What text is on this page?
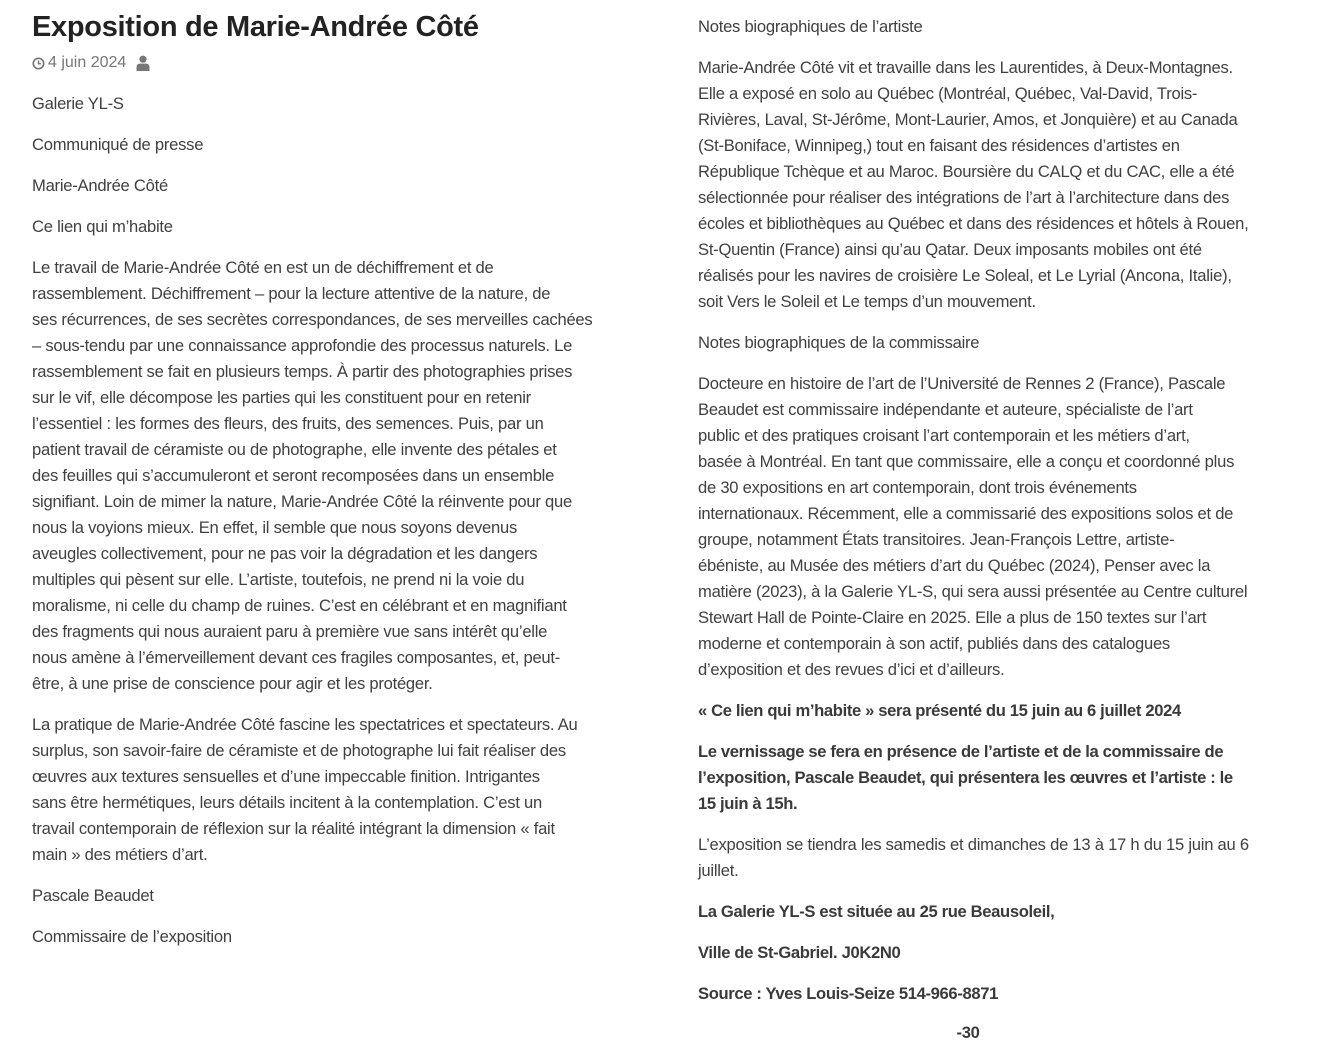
Exposition de Marie-Andrée Côté
4 juin 2024

Galerie YL-S

Communiqué de presse

Marie-Andrée Côté

Ce lien qui m’habite

Le travail de Marie-Andrée Côté en est un de déchiffrement et de
rassemblement. Déchiffrement – pour la lecture attentive de la nature, de
ses récurrences, de ses secrètes correspondances, de ses merveilles cachées
– sous-tendu par une connaissance approfondie des processus naturels. Le
rassemblement se fait en plusieurs temps. À partir des photographies prises
sur le vif, elle décompose les parties qui les constituent pour en retenir
l’essentiel : les formes des fleurs, des fruits, des semences. Puis, par un
patient travail de céramiste ou de photographe, elle invente des pétales et
des feuilles qui s’accumuleront et seront recomposées dans un ensemble
signifiant. Loin de mimer la nature, Marie-Andrée Côté la réinvente pour que
nous la voyions mieux. En effet, il semble que nous soyons devenus
aveugles collectivement, pour ne pas voir la dégradation et les dangers
multiples qui pèsent sur elle. L’artiste, toutefois, ne prend ni la voie du
moralisme, ni celle du champ de ruines. C’est en célébrant et en magnifiant
des fragments qui nous auraient paru à première vue sans intérêt qu’elle
nous amène à l’émerveillement devant ces fragiles composantes, et, peut-
être, à une prise de conscience pour agir et les protéger.

La pratique de Marie-Andrée Côté fascine les spectatrices et spectateurs. Au
surplus, son savoir-faire de céramiste et de photographe lui fait réaliser des
œuvres aux textures sensuelles et d’une impeccable finition. Intrigantes
sans être hermétiques, leurs détails incitent à la contemplation. C’est un
travail contemporain de réflexion sur la réalité intégrant la dimension « fait
main » des métiers d’art.

Pascale Beaudet

Commissaire de l’exposition

Notes biographiques de l’artiste

Marie-Andrée Côté vit et travaille dans les Laurentides, à Deux-Montagnes.
Elle a exposé en solo au Québec (Montréal, Québec, Val-David, Trois-
Rivières, Laval, St-Jérôme, Mont-Laurier, Amos, et Jonquière) et au Canada
(St-Boniface, Winnipeg,) tout en faisant des résidences d’artistes en
République Tchèque et au Maroc. Boursière du CALQ et du CAC, elle a été
sélectionnée pour réaliser des intégrations de l’art à l’architecture dans des
écoles et bibliothèques au Québec et dans des résidences et hôtels à Rouen,
St-Quentin (France) ainsi qu’au Qatar. Deux imposants mobiles ont été
réalisés pour les navires de croisière Le Soleal, et Le Lyrial (Ancona, Italie),
soit Vers le Soleil et Le temps d’un mouvement.

Notes biographiques de la commissaire

Docteure en histoire de l’art de l’Université de Rennes 2 (France), Pascale
Beaudet est commissaire indépendante et auteure, spécialiste de l’art
public et des pratiques croisant l’art contemporain et les métiers d’art,
basée à Montréal. En tant que commissaire, elle a conçu et coordonné plus
de 30 expositions en art contemporain, dont trois événements
internationaux. Récemment, elle a commissarié des expositions solos et de
groupe, notamment États transitoires. Jean-François Lettre, artiste-
ébéniste, au Musée des métiers d’art du Québec (2024), Penser avec la
matière (2023), à la Galerie YL-S, qui sera aussi présentée au Centre culturel
Stewart Hall de Pointe-Claire en 2025. Elle a plus de 150 textes sur l’art
moderne et contemporain à son actif, publiés dans des catalogues
d’exposition et des revues d’ici et d’ailleurs.

« Ce lien qui m’habite » sera présenté du 15 juin au 6 juillet 2024

Le vernissage se fera en présence de l’artiste et de la commissaire de
l’exposition, Pascale Beaudet, qui présentera les œuvres et l’artiste : le
15 juin à 15h.

L’exposition se tiendra les samedis et dimanches de 13 à 17 h du 15 juin au 6
juillet.

La Galerie YL-S est située au 25 rue Beausoleil,

Ville de St-Gabriel. J0K2N0

Source : Yves Louis-Seize 514-966-8871

-30
